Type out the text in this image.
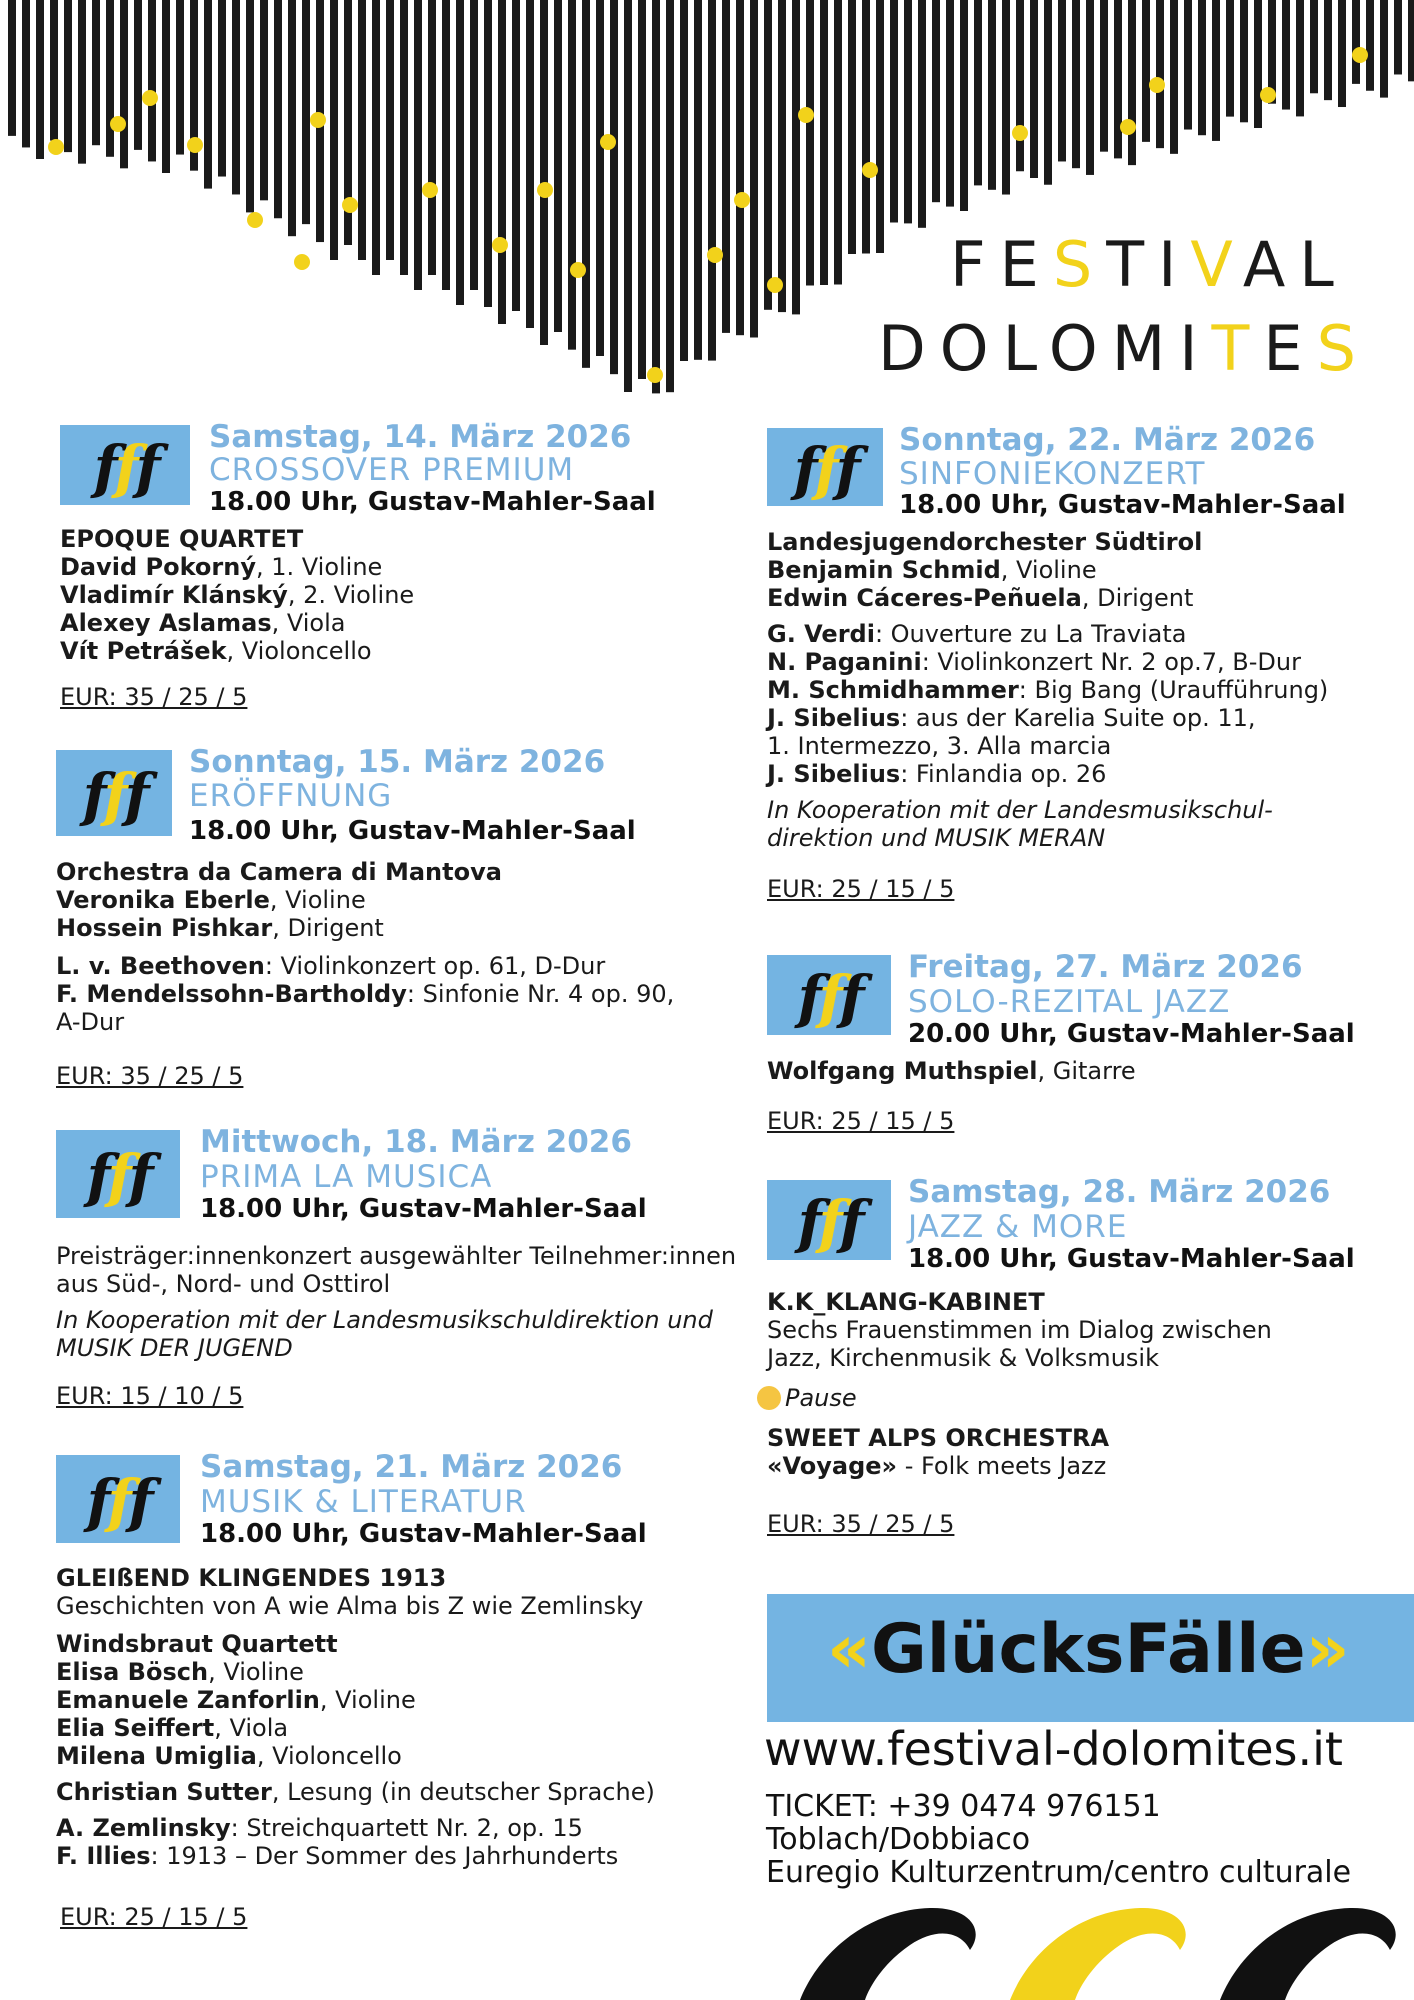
FESTIVAL
DOLOMITES
fff Samstag, 14. März 2026
CROSSOVER PREMIUM
18.00 Uhr, Gustav-Mahler-Saal
EPOQUE QUARTET
David Pokorný, 1. Violine
Vladimír Klánský, 2. Violine
Alexey Aslamas, Viola
Vít Petrášek, Violoncello
EUR: 35 / 25 / 5
fff Sonntag, 15. März 2026
ERÖFFNUNG
18.00 Uhr, Gustav-Mahler-Saal
Orchestra da Camera di Mantova
Veronika Eberle, Violine
Hossein Pishkar, Dirigent
L. v. Beethoven: Violinkonzert op. 61, D-Dur
F. Mendelssohn-Bartholdy: Sinfonie Nr. 4 op. 90,
A-Dur
EUR: 35 / 25 / 5
fff Mittwoch, 18. März 2026
PRIMA LA MUSICA
18.00 Uhr, Gustav-Mahler-Saal
Preisträger:innenkonzert ausgewählter Teilnehmer:innen
aus Süd-, Nord- und Osttirol
In Kooperation mit der Landesmusikschuldirektion und
MUSIK DER JUGEND
EUR: 15 / 10 / 5
fff Samstag, 21. März 2026
MUSIK & LITERATUR
18.00 Uhr, Gustav-Mahler-Saal
GLEIßEND KLINGENDES 1913
Geschichten von A wie Alma bis Z wie Zemlinsky
Windsbraut Quartett
Elisa Bösch, Violine
Emanuele Zanforlin, Violine
Elia Seiffert, Viola
Milena Umiglia, Violoncello
Christian Sutter, Lesung (in deutscher Sprache)
A. Zemlinsky: Streichquartett Nr. 2, op. 15
F. Illies: 1913 – Der Sommer des Jahrhunderts
EUR: 25 / 15 / 5
fff Sonntag, 22. März 2026
SINFONIEKONZERT
18.00 Uhr, Gustav-Mahler-Saal
Landesjugendorchester Südtirol
Benjamin Schmid, Violine
Edwin Cáceres-Peñuela, Dirigent
G. Verdi: Ouverture zu La Traviata
N. Paganini: Violinkonzert Nr. 2 op.7, B-Dur
M. Schmidhammer: Big Bang (Uraufführung)
J. Sibelius: aus der Karelia Suite op. 11,
1. Intermezzo, 3. Alla marcia
J. Sibelius: Finlandia op. 26
In Kooperation mit der Landesmusikschul-
direktion und MUSIK MERAN
EUR: 25 / 15 / 5
fff Freitag, 27. März 2026
SOLO-REZITAL JAZZ
20.00 Uhr, Gustav-Mahler-Saal
Wolfgang Muthspiel, Gitarre
EUR: 25 / 15 / 5
fff Samstag, 28. März 2026
JAZZ & MORE
18.00 Uhr, Gustav-Mahler-Saal
K.K_KLANG-KABINET
Sechs Frauenstimmen im Dialog zwischen
Jazz, Kirchenmusik & Volksmusik
Pause
SWEET ALPS ORCHESTRA
«Voyage» - Folk meets Jazz
EUR: 35 / 25 / 5
«GlücksFälle»
www.festival-dolomites.it
TICKET: +39 0474 976151
Toblach/Dobbiaco
Euregio Kulturzentrum/centro culturale
